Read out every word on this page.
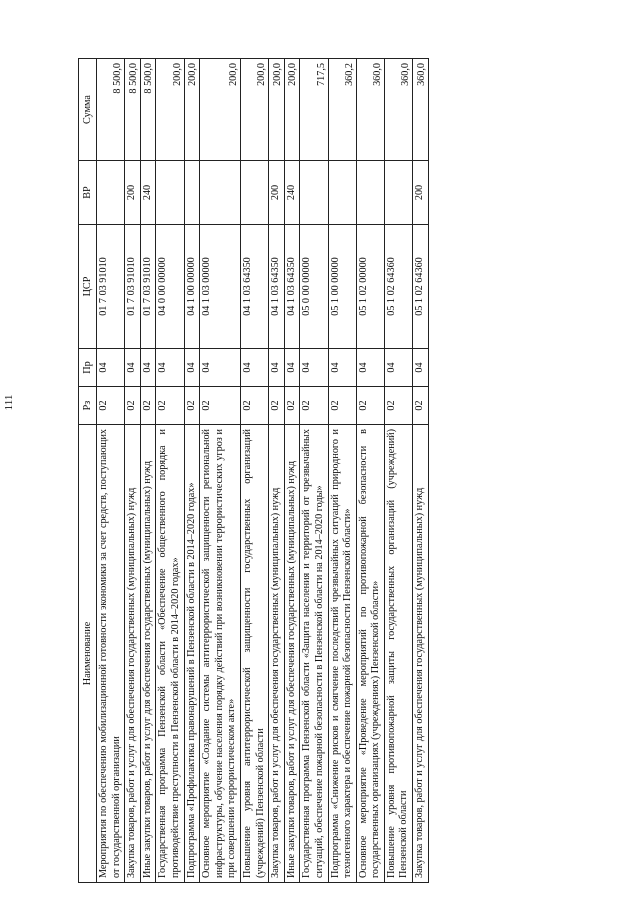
111
Наименование	Рз	Пр	ЦСР	ВР	Сумма
Мероприятия по обеспечению мобилизационной готовности экономики за счет средств, поступающих от государственной организации	02	04	01 7 03 91010		8 500,0
Закупка товаров, работ и услуг для обеспечения государственных (муниципальных) нужд	02	04	01 7 03 91010	200	8 500,0
Иные закупки товаров, работ и услуг для обеспечения государственных (муниципальных) нужд	02	04	01 7 03 91010	240	8 500,0
Государственная программа Пензенской области «Обеспечение общественного порядка и противодействие преступности в Пензенской области в 2014–2020 годах»	02	04	04 0 00 00000		200,0
Подпрограмма «Профилактика правонарушений в Пензенской области в 2014–2020 годах»	02	04	04 1 00 00000		200,0
Основное мероприятие «Создание системы антитеррористической защищенности региональной инфраструктуры, обучение населения порядку действий при возникновении террористических угроз и при совершении террористическом акте»	02	04	04 1 03 00000		200,0
Повышение уровня антитеррористической защищенности государственных организаций (учреждений) Пензенской области	02	04	04 1 03 64350		200,0
Закупка товаров, работ и услуг для обеспечения государственных (муниципальных) нужд	02	04	04 1 03 64350	200	200,0
Иные закупки товаров, работ и услуг для обеспечения государственных (муниципальных) нужд	02	04	04 1 03 64350	240	200,0
Государственная программа Пензенской области «Защита населения и территорий от чрезвычайных ситуаций, обеспечение пожарной безопасности в Пензенской области на 2014–2020 годы»	02	04	05 0 00 00000		717,5
Подпрограмма «Снижение рисков и смягчение последствий чрезвычайных ситуаций природного и техногенного характера и обеспечение пожарной безопасности Пензенской области»	02	04	05 1 00 00000		360,2
Основное мероприятие «Проведение мероприятий по противопожарной безопасности в государственных организациях (учреждениях) Пензенской области»	02	04	05 1 02 00000		360,0
Повышение уровня противопожарной защиты государственных организаций (учреждений) Пензенской области	02	04	05 1 02 64360		360,0
Закупка товаров, работ и услуг для обеспечения государственных (муниципальных) нужд	02	04	05 1 02 64360	200	360,0
